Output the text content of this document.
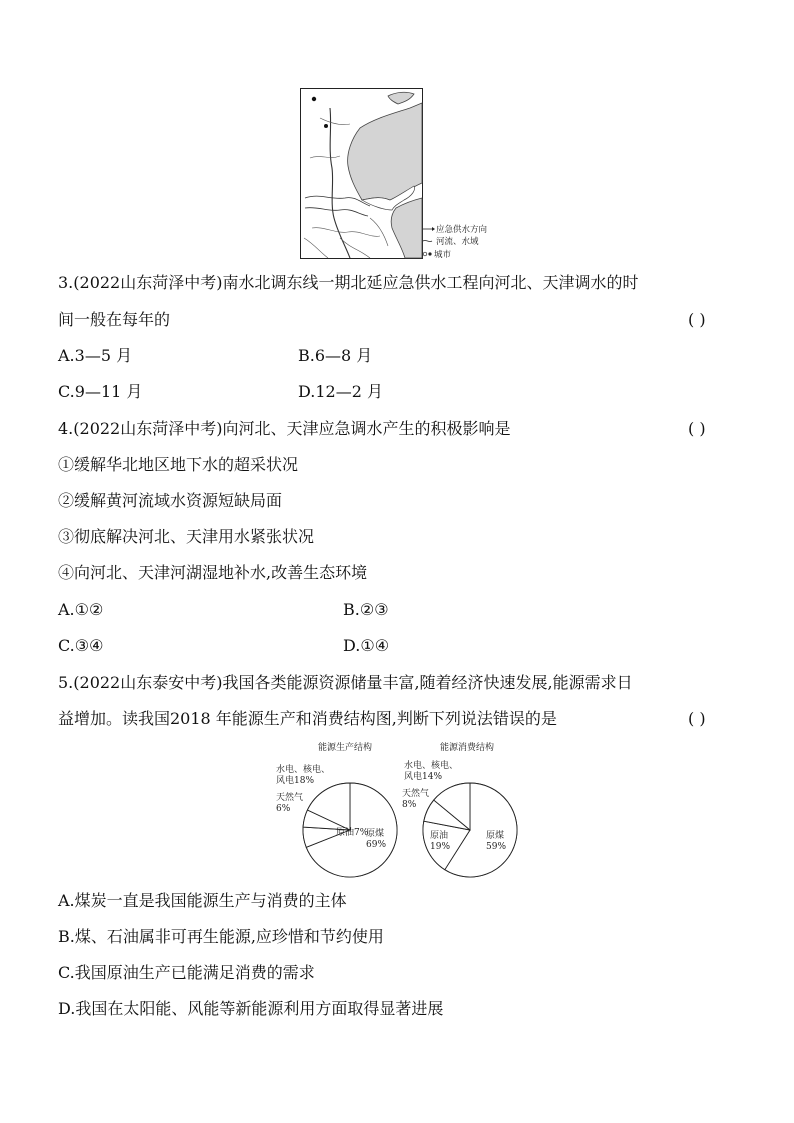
应急供水方向
河流、水域
城市
3.(2022山东菏泽中考)南水北调东线一期北延应急供水工程向河北、天津调水的时
间一般在每年的	( )
A.3—5 月	B.6—8 月
C.9—11 月	D.12—2 月
4.(2022山东菏泽中考)向河北、天津应急调水产生的积极影响是	( )
①缓解华北地区地下水的超采状况
②缓解黄河流域水资源短缺局面
③彻底解决河北、天津用水紧张状况
④向河北、天津河湖湿地补水,改善生态环境
A.①②	B.②③
C.③④	D.①④
5.(2022山东泰安中考)我国各类能源资源储量丰富,随着经济快速发展,能源需求日
益增加。读我国2018 年能源生产和消费结构图,判断下列说法错误的是	( )
能源生产结构	能源消费结构
原煤
69%
原油7%
天然气
6%
水电、核电、
风电18%
原煤
59%
原油
19%
天然气
8%
水电、核电、
风电14%
A.煤炭一直是我国能源生产与消费的主体
B.煤、石油属非可再生能源,应珍惜和节约使用
C.我国原油生产已能满足消费的需求
D.我国在太阳能、风能等新能源利用方面取得显著进展
